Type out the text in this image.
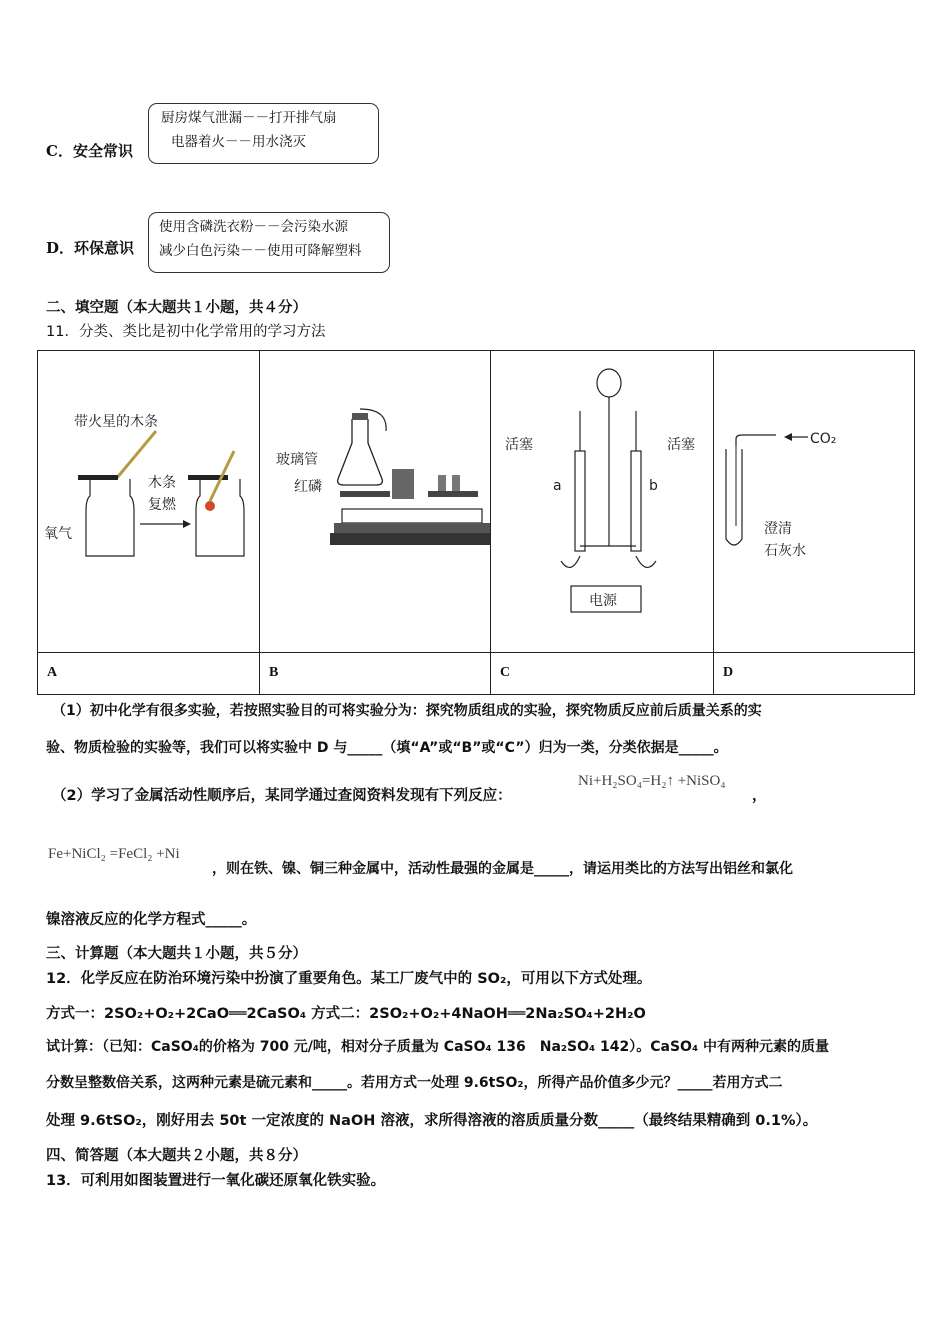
C．安全常识
厨房煤气泄漏－－打开排气扇
电器着火－－用水浇灭
D．环保意识
使用含磷洗衣粉－－会污染水源
减少白色污染－－使用可降解塑料
二、填空题（本大题共１小题，共４分）
11．分类、类比是初中化学常用的学习方法
带火星的木条
氧气
木条
复燃	玻璃管
红磷	活塞 活塞
a b
电源	CO₂
澄清
石灰水

A	B	C	D
（1）初中化学有很多实验，若按照实验目的可将实验分为：探究物质组成的实验，探究物质反应前后质量关系的实
验、物质检验的实验等，我们可以将实验中 D 与_____（填“A”或“B”或“C”）归为一类，分类依据是_____。
（2）学习了金属活动性顺序后，某同学通过查阅资料发现有下列反应：
Ni+H₂SO₄=H₂↑ +NiSO₄
，
Fe+NiCl₂ =FeCl₂ +Ni
，则在铁、镍、铜三种金属中，活动性最强的金属是_____，请运用类比的方法写出铝丝和氯化
镍溶液反应的化学方程式_____。
三、计算题（本大题共１小题，共５分）
12．化学反应在防治环境污染中扮演了重要角色。某工厂废气中的 SO₂，可用以下方式处理。
方式一：2SO₂+O₂+2CaO══2CaSO₄ 方式二：2SO₂+O₂+4NaOH══2Na₂SO₄+2H₂O
试计算：（已知：CaSO₄的价格为 700 元/吨，相对分子质量为 CaSO₄ 136　Na₂SO₄ 142）。CaSO₄ 中有两种元素的质量
分数呈整数倍关系，这两种元素是硫元素和_____。若用方式一处理 9.6tSO₂，所得产品价值多少元？_____若用方式二
处理 9.6tSO₂，刚好用去 50t 一定浓度的 NaOH 溶液，求所得溶液的溶质质量分数_____（最终结果精确到 0.1%）。
四、简答题（本大题共２小题，共８分）
13．可利用如图装置进行一氧化碳还原氧化铁实验。
